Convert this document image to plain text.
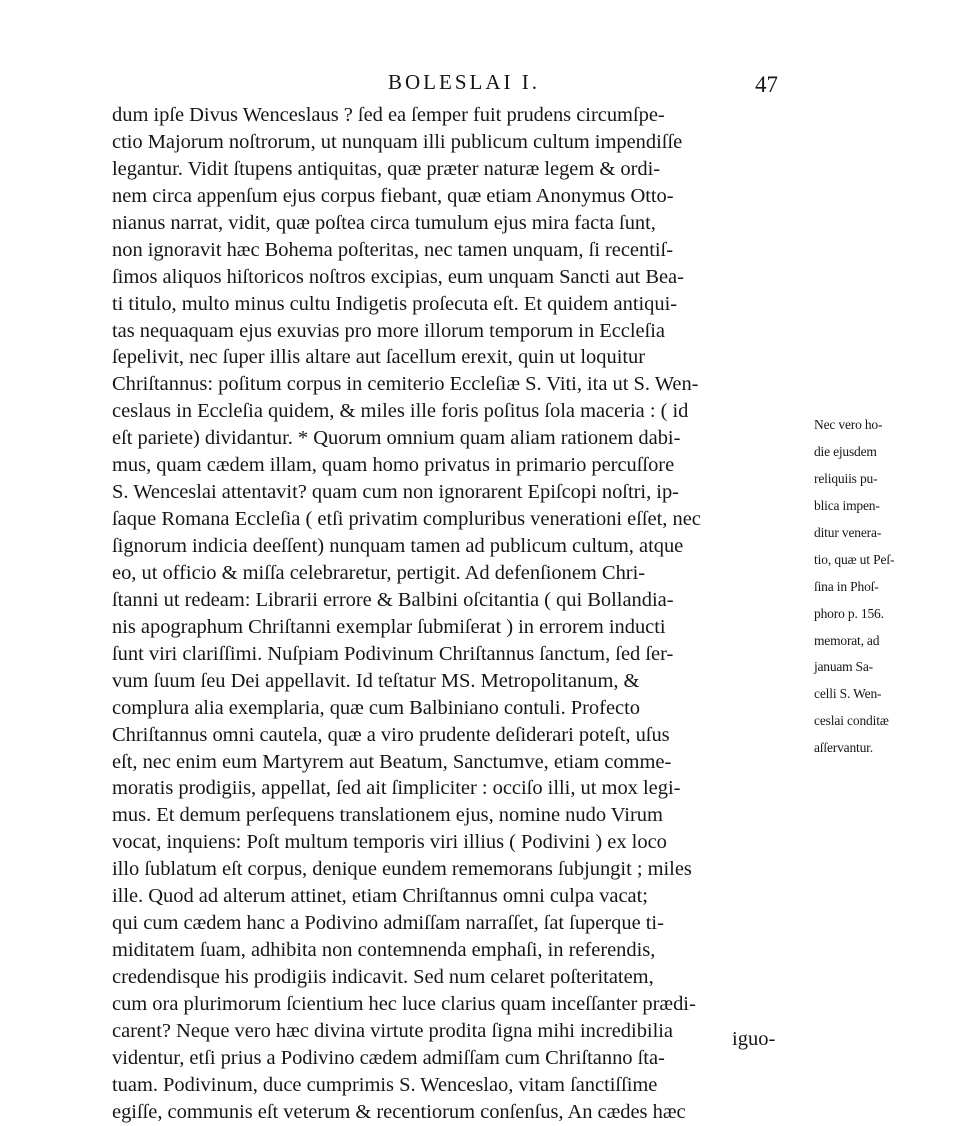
BOLESLAI I.	47
dum ipſe Divus Wenceslaus ? ſed ea ſemper fuit prudens circumſpe-
ctio Majorum noſtrorum, ut nunquam illi publicum cultum impendiſſe
legantur. Vidit ſtupens antiquitas, quæ præter naturæ legem & ordi-
nem circa appenſum ejus corpus fiebant, quæ etiam Anonymus Otto-
nianus narrat, vidit, quæ poſtea circa tumulum ejus mira facta ſunt,
non ignoravit hæc Bohema poſteritas, nec tamen unquam, ſi recentiſ-
ſimos aliquos hiſtoricos noſtros excipias, eum unquam Sancti aut Bea-
ti titulo, multo minus cultu Indigetis proſecuta eſt. Et quidem antiqui-
tas nequaquam ejus exuvias pro more illorum temporum in Eccleſia
ſepelivit, nec ſuper illis altare aut ſacellum erexit, quin ut loquitur
Chriſtannus: poſitum corpus in cemiterio Eccleſiæ S. Viti, ita ut S. Wen-
ceslaus in Eccleſia quidem, & miles ille foris poſitus ſola maceria : ( id
eſt pariete) dividantur. * Quorum omnium quam aliam rationem dabi-
mus, quam cædem illam, quam homo privatus in primario percuſſore
S. Wenceslai attentavit? quam cum non ignorarent Epiſcopi noſtri, ip-
ſaque Romana Eccleſia ( etſi privatim compluribus venerationi eſſet, nec
ſignorum indicia deeſſent) nunquam tamen ad publicum cultum, atque
eo, ut officio & miſſa celebraretur, pertigit. Ad defenſionem Chri-
ſtanni ut redeam: Librarii errore & Balbini oſcitantia ( qui Bollandia-
nis apographum Chriſtanni exemplar ſubmiſerat ) in errorem inducti
ſunt viri clariſſimi. Nuſpiam Podivinum Chriſtannus ſanctum, ſed ſer-
vum ſuum ſeu Dei appellavit. Id teſtatur MS. Metropolitanum, &
complura alia exemplaria, quæ cum Balbiniano contuli. Profecto
Chriſtannus omni cautela, quæ a viro prudente deſiderari poteſt, uſus
eſt, nec enim eum Martyrem aut Beatum, Sanctumve, etiam comme-
moratis prodigiis, appellat, ſed ait ſimpliciter : occiſo illi, ut mox legi-
mus. Et demum perſequens translationem ejus, nomine nudo Virum
vocat, inquiens: Poſt multum temporis viri illius ( Podivini ) ex loco
illo ſublatum eſt corpus, denique eundem rememorans ſubjungit ; miles
ille. Quod ad alterum attinet, etiam Chriſtannus omni culpa vacat;
qui cum cædem hanc a Podivino admiſſam narraſſet, ſat ſuperque ti-
miditatem ſuam, adhibita non contemnenda emphaſi, in referendis,
credendisque his prodigiis indicavit. Sed num celaret poſteritatem,
cum ora plurimorum ſcientium hec luce clarius quam inceſſanter prædi-
carent? Neque vero hæc divina virtute prodita ſigna mihi incredibilia
videntur, etſi prius a Podivino cædem admiſſam cum Chriſtanno ſta-
tuam. Podivinum, duce cumprimis S. Wenceslao, vitam ſanctiſſime
egiſſe, communis eſt veterum & recentiorum conſenſus, An cædes hæc
Nec vero ho-
die ejusdem
reliquiis pu-
blica impen-
ditur venera-
tio, quæ ut Peſ-
ſina in Phoſ-
phoro p. 156.
memorat, ad
januam Sa-
celli S. Wen-
ceslai conditæ
aſſervantur.
iguo-
